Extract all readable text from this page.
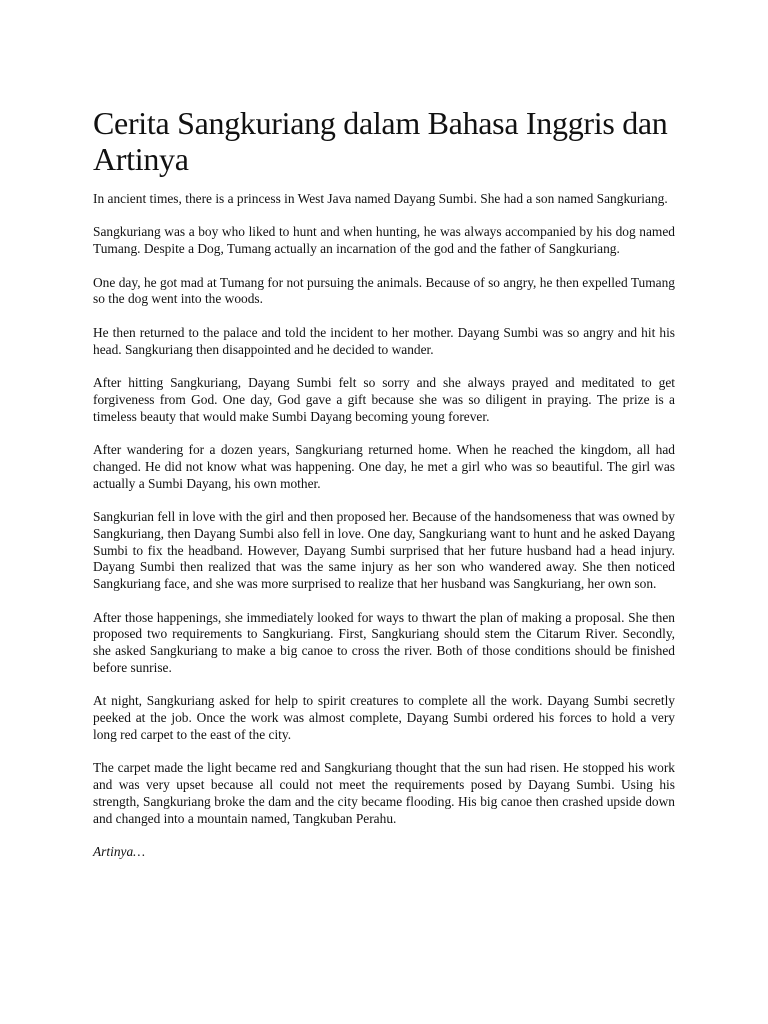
Cerita Sangkuriang dalam Bahasa Inggris dan Artinya

In ancient times, there is a princess in West Java named Dayang Sumbi. She had a son named Sangkuriang.

Sangkuriang was a boy who liked to hunt and when hunting, he was always accompanied by his dog named Tumang. Despite a Dog, Tumang actually an incarnation of the god and the father of Sangkuriang.

One day, he got mad at Tumang for not pursuing the animals. Because of so angry, he then expelled Tumang so the dog went into the woods.

He then returned to the palace and told the incident to her mother. Dayang Sumbi was so angry and hit his head. Sangkuriang then disappointed and he decided to wander.

After hitting Sangkuriang, Dayang Sumbi felt so sorry and she always prayed and meditated to get forgiveness from God. One day, God gave a gift because she was so diligent in praying. The prize is a timeless beauty that would make Sumbi Dayang becoming young forever.

After wandering for a dozen years, Sangkuriang returned home. When he reached the kingdom, all had changed. He did not know what was happening. One day, he met a girl who was so beautiful. The girl was actually a Sumbi Dayang, his own mother.

Sangkurian fell in love with the girl and then proposed her. Because of the handsomeness that was owned by Sangkuriang, then Dayang Sumbi also fell in love. One day, Sangkuriang want to hunt and he asked Dayang Sumbi to fix the headband. However, Dayang Sumbi surprised that her future husband had a head injury. Dayang Sumbi then realized that was the same injury as her son who wandered away. She then noticed Sangkuriang face, and she was more surprised to realize that her husband was Sangkuriang, her own son.

After those happenings, she immediately looked for ways to thwart the plan of making a proposal. She then proposed two requirements to Sangkuriang. First, Sangkuriang should stem the Citarum River. Secondly, she asked Sangkuriang to make a big canoe to cross the river. Both of those conditions should be finished before sunrise.

At night, Sangkuriang asked for help to spirit creatures to complete all the work. Dayang Sumbi secretly peeked at the job. Once the work was almost complete, Dayang Sumbi ordered his forces to hold a very long red carpet to the east of the city.

The carpet made the light became red and Sangkuriang thought that the sun had risen. He stopped his work and was very upset because all could not meet the requirements posed by Dayang Sumbi. Using his strength, Sangkuriang broke the dam and the city became flooding. His big canoe then crashed upside down and changed into a mountain named, Tangkuban Perahu.

Artinya…
